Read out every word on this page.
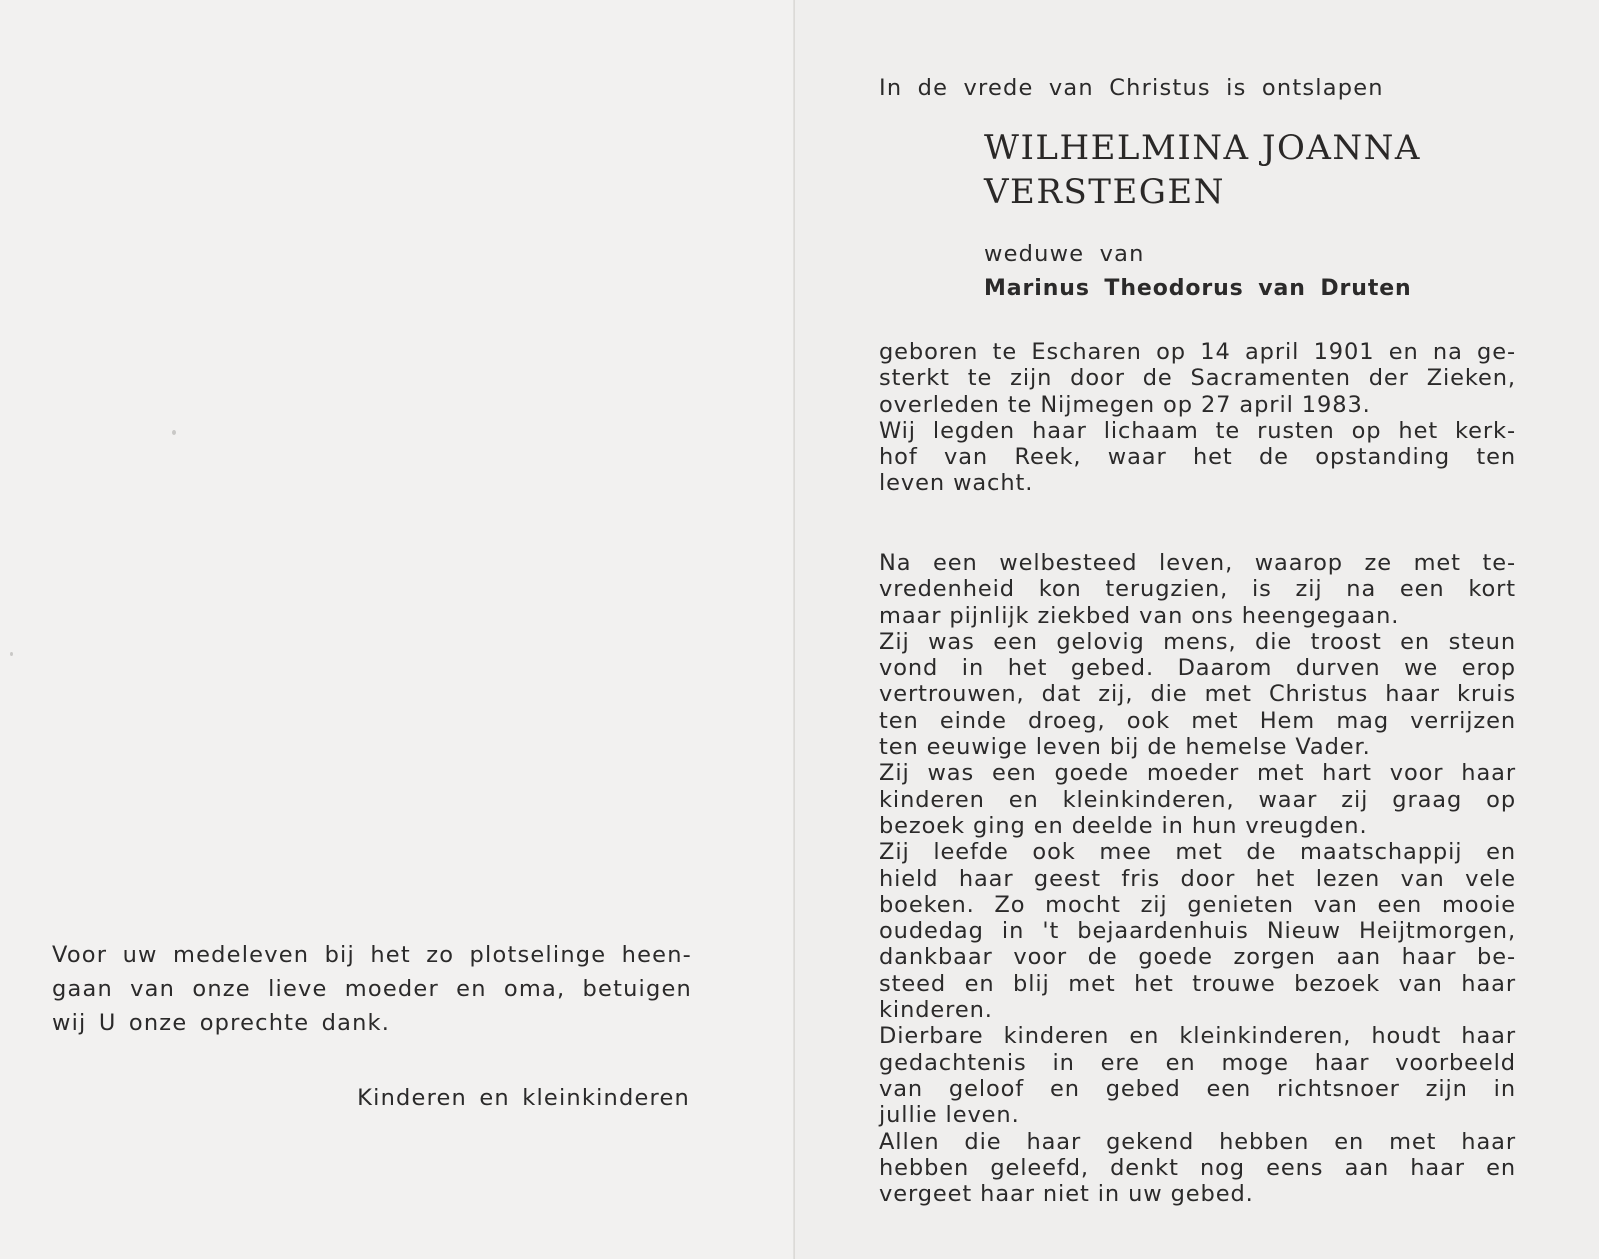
Voor uw medeleven bij het zo plotselinge heen-
gaan van onze lieve moeder en oma, betuigen
wij U onze oprechte dank.
Kinderen en kleinkinderen
In de vrede van Christus is ontslapen
WILHELMINA JOANNA
VERSTEGEN
weduwe van
Marinus Theodorus van Druten
geboren te Escharen op 14 april 1901 en na ge-
sterkt te zijn door de Sacramenten der Zieken,
overleden te Nijmegen op 27 april 1983.
Wij legden haar lichaam te rusten op het kerk-
hof van Reek, waar het de opstanding ten
leven wacht.
Na een welbesteed leven, waarop ze met te-
vredenheid kon terugzien, is zij na een kort
maar pijnlijk ziekbed van ons heengegaan.
Zij was een gelovig mens, die troost en steun
vond in het gebed. Daarom durven we erop
vertrouwen, dat zij, die met Christus haar kruis
ten einde droeg, ook met Hem mag verrijzen
ten eeuwige leven bij de hemelse Vader.
Zij was een goede moeder met hart voor haar
kinderen en kleinkinderen, waar zij graag op
bezoek ging en deelde in hun vreugden.
Zij leefde ook mee met de maatschappij en
hield haar geest fris door het lezen van vele
boeken. Zo mocht zij genieten van een mooie
oudedag in 't bejaardenhuis Nieuw Heijtmorgen,
dankbaar voor de goede zorgen aan haar be-
steed en blij met het trouwe bezoek van haar
kinderen.
Dierbare kinderen en kleinkinderen, houdt haar
gedachtenis in ere en moge haar voorbeeld
van geloof en gebed een richtsnoer zijn in
jullie leven.
Allen die haar gekend hebben en met haar
hebben geleefd, denkt nog eens aan haar en
vergeet haar niet in uw gebed.
